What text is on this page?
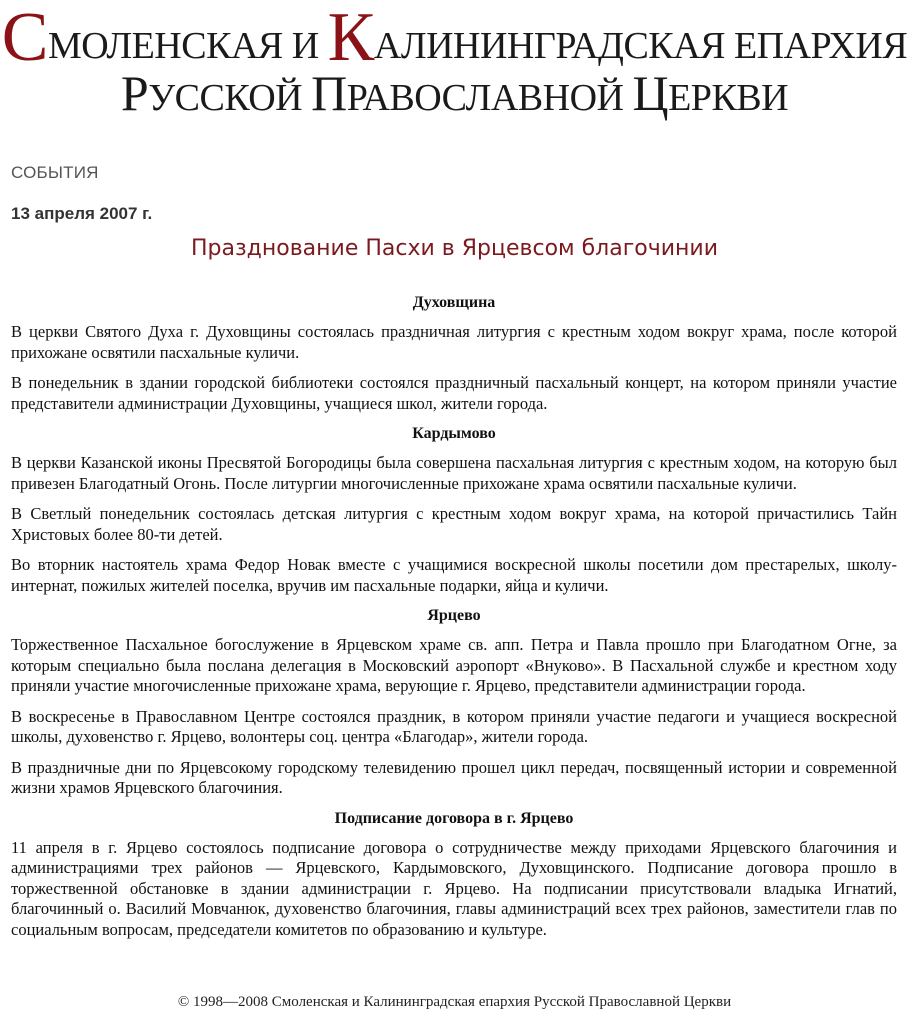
СМОЛЕНСКАЯ И КАЛИНИНГРАДСКАЯ ЕПАРХИЯ
РУССКОЙ ПРАВОСЛАВНОЙ ЦЕРКВИ
СОБЫТИЯ
13 апреля 2007 г.
Празднование Пасхи в Ярцевсом благочинии
Духовщина

В церкви Святого Духа г. Духовщины состоялась праздничная литургия с крестным ходом вокруг храма, после которой прихожане освятили пасхальные куличи.

В понедельник в здании городской библиотеки состоялся праздничный пасхальный концерт, на котором приняли участие представители администрации Духовщины, учащиеся школ, жители города.

Кардымово

В церкви Казанской иконы Пресвятой Богородицы была совершена пасхальная литургия с крестным ходом, на которую был привезен Благодатный Огонь. После литургии многочисленные прихожане храма освятили пасхальные куличи.

В Светлый понедельник состоялась детская литургия с крестным ходом вокруг храма, на которой причастились Тайн Христовых более 80-ти детей.

Во вторник настоятель храма Федор Новак вместе с учащимися воскресной школы посетили дом престарелых, школу-интернат, пожилых жителей поселка, вручив им пасхальные подарки, яйца и куличи.

Ярцево

Торжественное Пасхальное богослужение в Ярцевском храме св. апп. Петра и Павла прошло при Благодатном Огне, за которым специально была послана делегация в Московский аэропорт «Внуково». В Пасхальной службе и крестном ходу приняли участие многочисленные прихожане храма, верующие г. Ярцево, представители администрации города.

В воскресенье в Православном Центре состоялся праздник, в котором приняли участие педагоги и учащиеся воскресной школы, духовенство г. Ярцево, волонтеры соц. центра «Благодар», жители города.

В праздничные дни по Ярцевсокому городскому телевидению прошел цикл передач, посвященный истории и современной жизни храмов Ярцевского благочиния.

Подписание договора в г. Ярцево

11 апреля в г. Ярцево состоялось подписание договора о сотрудничестве между приходами Ярцевского благочиния и администрациями трех районов — Ярцевского, Кардымовского, Духовщинского. Подписание договора прошло в торжественной обстановке в здании администрации г. Ярцево. На подписании присутствовали владыка Игнатий, благочинный о. Василий Мовчанюк, духовенство благочиния, главы администраций всех трех районов, заместители глав по социальным вопросам, председатели комитетов по образованию и культуре.

© 1998—2008 Смоленская и Калининградская епархия Русской Православной Церкви
